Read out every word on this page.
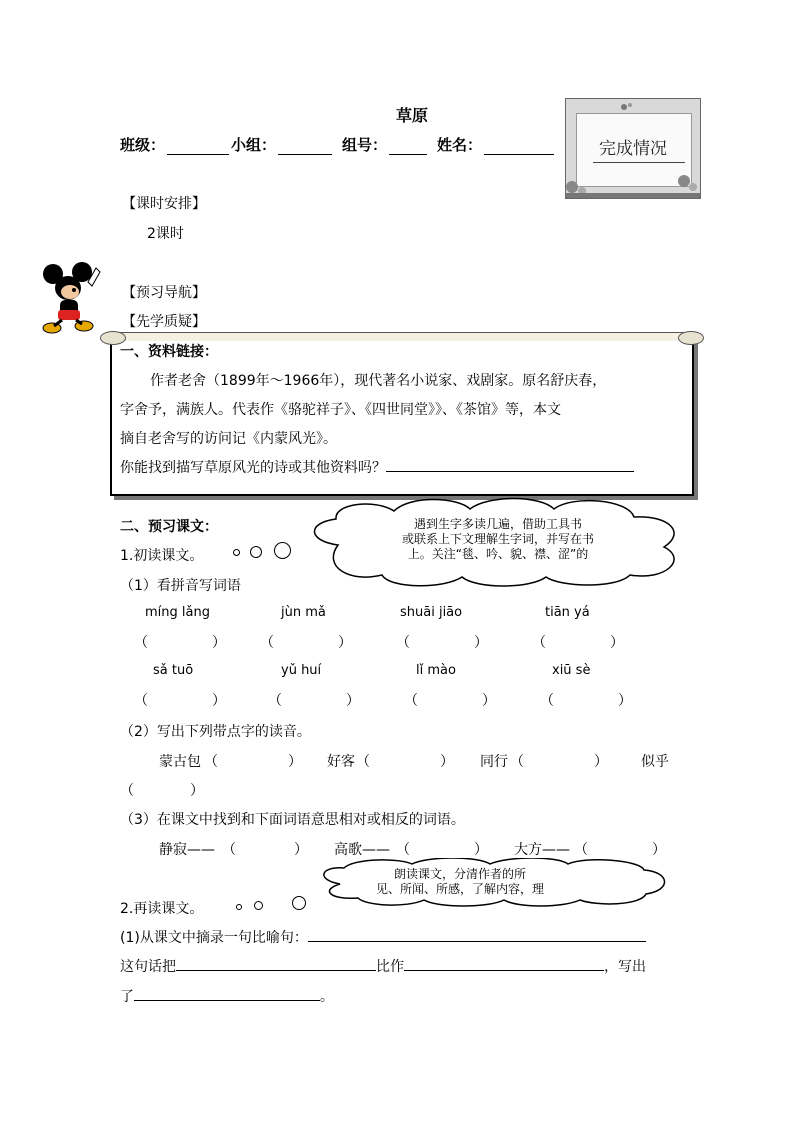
草原
班级：	小组：	组号：	姓名：	完成情况
【课时安排】
2课时
【预习导航】
【先学质疑】
一、资料链接：
作者老舍（1899年～1966年），现代著名小说家、戏剧家。原名舒庆春，
字舍予，满族人。代表作《骆驼祥子》、《四世同堂》》、《茶馆》等，本文
摘自老舍写的访问记《内蒙风光》。
你能找到描写草原风光的诗或其他资料吗？
二、预习课文：
1.初读课文。
遇到生字多读几遍，借助工具书
或联系上下文理解生字词，并写在书
上。关注“毯、吟、貌、襟、涩”的
（1）看拼音写词语
míng lǎng	jùn mǎ	shuāi jiāo	tiān yá
（	） （	）	（	）	（	）
sǎ tuō	yǔ huí	lǐ mào	xiū sè
（	）	（	）	（	）	（	）
（2）写出下列带点字的读音。
蒙古包 （	） 好客 （	） 同行 （	） 似乎
（	）
（3）在课文中找到和下面词语意思相对或相反的词语。
静寂—— （	） 高歌—— （	） 大方—— （	）
朗读课文，分清作者的所
见、所闻、所感，了解内容，理
2.再读课文。
(1)从课文中摘录一句比喻句：
这句话把	比作	，写出
了	。
